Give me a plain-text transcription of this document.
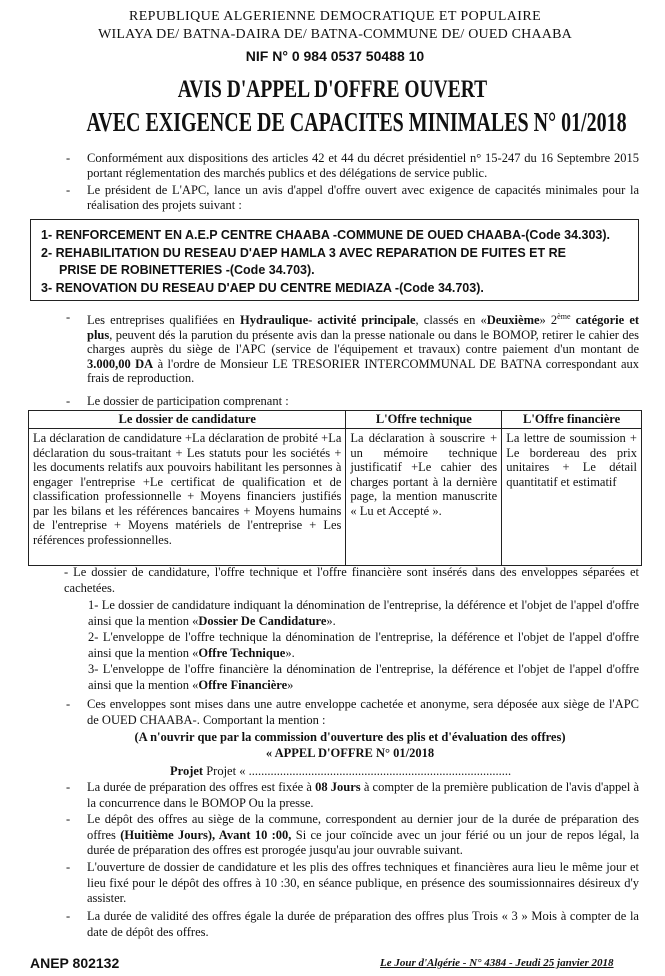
REPUBLIQUE ALGERIENNE DEMOCRATIQUE ET POPULAIRE
WILAYA DE/ BATNA-DAIRA DE/ BATNA-COMMUNE DE/ OUED CHAABA
NIF N° 0 984 0537 50488 10
AVIS D'APPEL D'OFFRE OUVERT
AVEC EXIGENCE DE CAPACITES MINIMALES N° 01/2018
- Conformément aux dispositions des articles 42 et 44 du décret présidentiel n° 15-247 du 16 Septembre 2015 portant réglementation des marchés publics et des délégations de service public.
- Le président de L'APC, lance un avis d'appel d'offre ouvert avec exigence de capacités minimales pour la réalisation des projets suivant :
1- RENFORCEMENT EN A.E.P CENTRE CHAABA -COMMUNE DE OUED CHAABA-(Code 34.303).
2- REHABILITATION DU RESEAU D'AEP HAMLA 3 AVEC REPARATION DE FUITES ET RE
PRISE DE ROBINETTERIES -(Code 34.703).
3- RENOVATION DU RESEAU D'AEP DU CENTRE MEDIAZA -(Code 34.703).
- Les entreprises qualifiées en Hydraulique- activité principale, classés en «Deuxième» 2ème catégorie et plus, peuvent dés la parution du présente avis dan la presse nationale ou dans le BOMOP, retirer le cahier des charges auprès du siège de l'APC (service de l'équipement et travaux) contre paiement d'un montant de 3.000,00 DA à l'ordre de Monsieur LE TRESORIER INTERCOMMUNAL DE BATNA correspondant aux frais de reproduction.
- Le dossier de participation comprenant :
Le dossier de candidature	L'Offre technique	L'Offre financière
La déclaration de candidature +La déclaration de probité +La déclaration du sous-traitant + Les statuts pour les sociétés + les documents relatifs aux pouvoirs habilitant les personnes à engager l'entreprise +Le certificat de qualification et de classification professionnelle + Moyens financiers justifiés par les bilans et les références bancaires + Moyens humains de l'entreprise + Moyens matériels de l'entreprise + Les références professionnelles.	La déclaration à souscrire + un mémoire technique justificatif +Le cahier des charges portant à la dernière page, la mention manuscrite « Lu et Accepté ».	La lettre de soumission + Le bordereau des prix unitaires + Le détail quantitatif et estimatif
- Le dossier de candidature, l'offre technique et l'offre financière sont insérés dans des enveloppes séparées et cachetées.
1- Le dossier de candidature indiquant la dénomination de l'entreprise, la déférence et l'objet de l'appel d'offre ainsi que la mention «Dossier De Candidature».
2- L'enveloppe de l'offre technique la dénomination de l'entreprise, la déférence et l'objet de l'appel d'offre ainsi que la mention «Offre Technique».
3- L'enveloppe de l'offre financière la dénomination de l'entreprise, la déférence et l'objet de l'appel d'offre ainsi que la mention «Offre Financière»
- Ces enveloppes sont mises dans une autre enveloppe cachetée et anonyme, sera déposée aux siège de l'APC de OUED CHAABA-. Comportant la mention :
(A n'ouvrir que par la commission d'ouverture des plis et d'évaluation des offres)
« APPEL D'OFFRE N° 01/2018
Projet Projet « ....................................................................................
- La durée de préparation des offres est fixée à 08 Jours à compter de la première publication de l'avis d'appel à la concurrence dans le BOMOP Ou la presse.
- Le dépôt des offres au siège de la commune, correspondent au dernier jour de la durée de préparation des offres (Huitième Jours), Avant 10 :00, Si ce jour coïncide avec un jour férié ou un jour de repos légal, la durée de préparation des offres est prorogée jusqu'au jour ouvrable suivant.
- L'ouverture de dossier de candidature et les plis des offres techniques et financières aura lieu le même jour et lieu fixé pour le dépôt des offres à 10 :30, en séance publique, en présence des soumissionnaires désireux d'y assister.
- La durée de validité des offres égale la durée de préparation des offres plus Trois « 3 » Mois à compter de la date de dépôt des offres.
ANEP 802132	Le Jour d'Algérie - N° 4384 - Jeudi 25 janvier 2018
